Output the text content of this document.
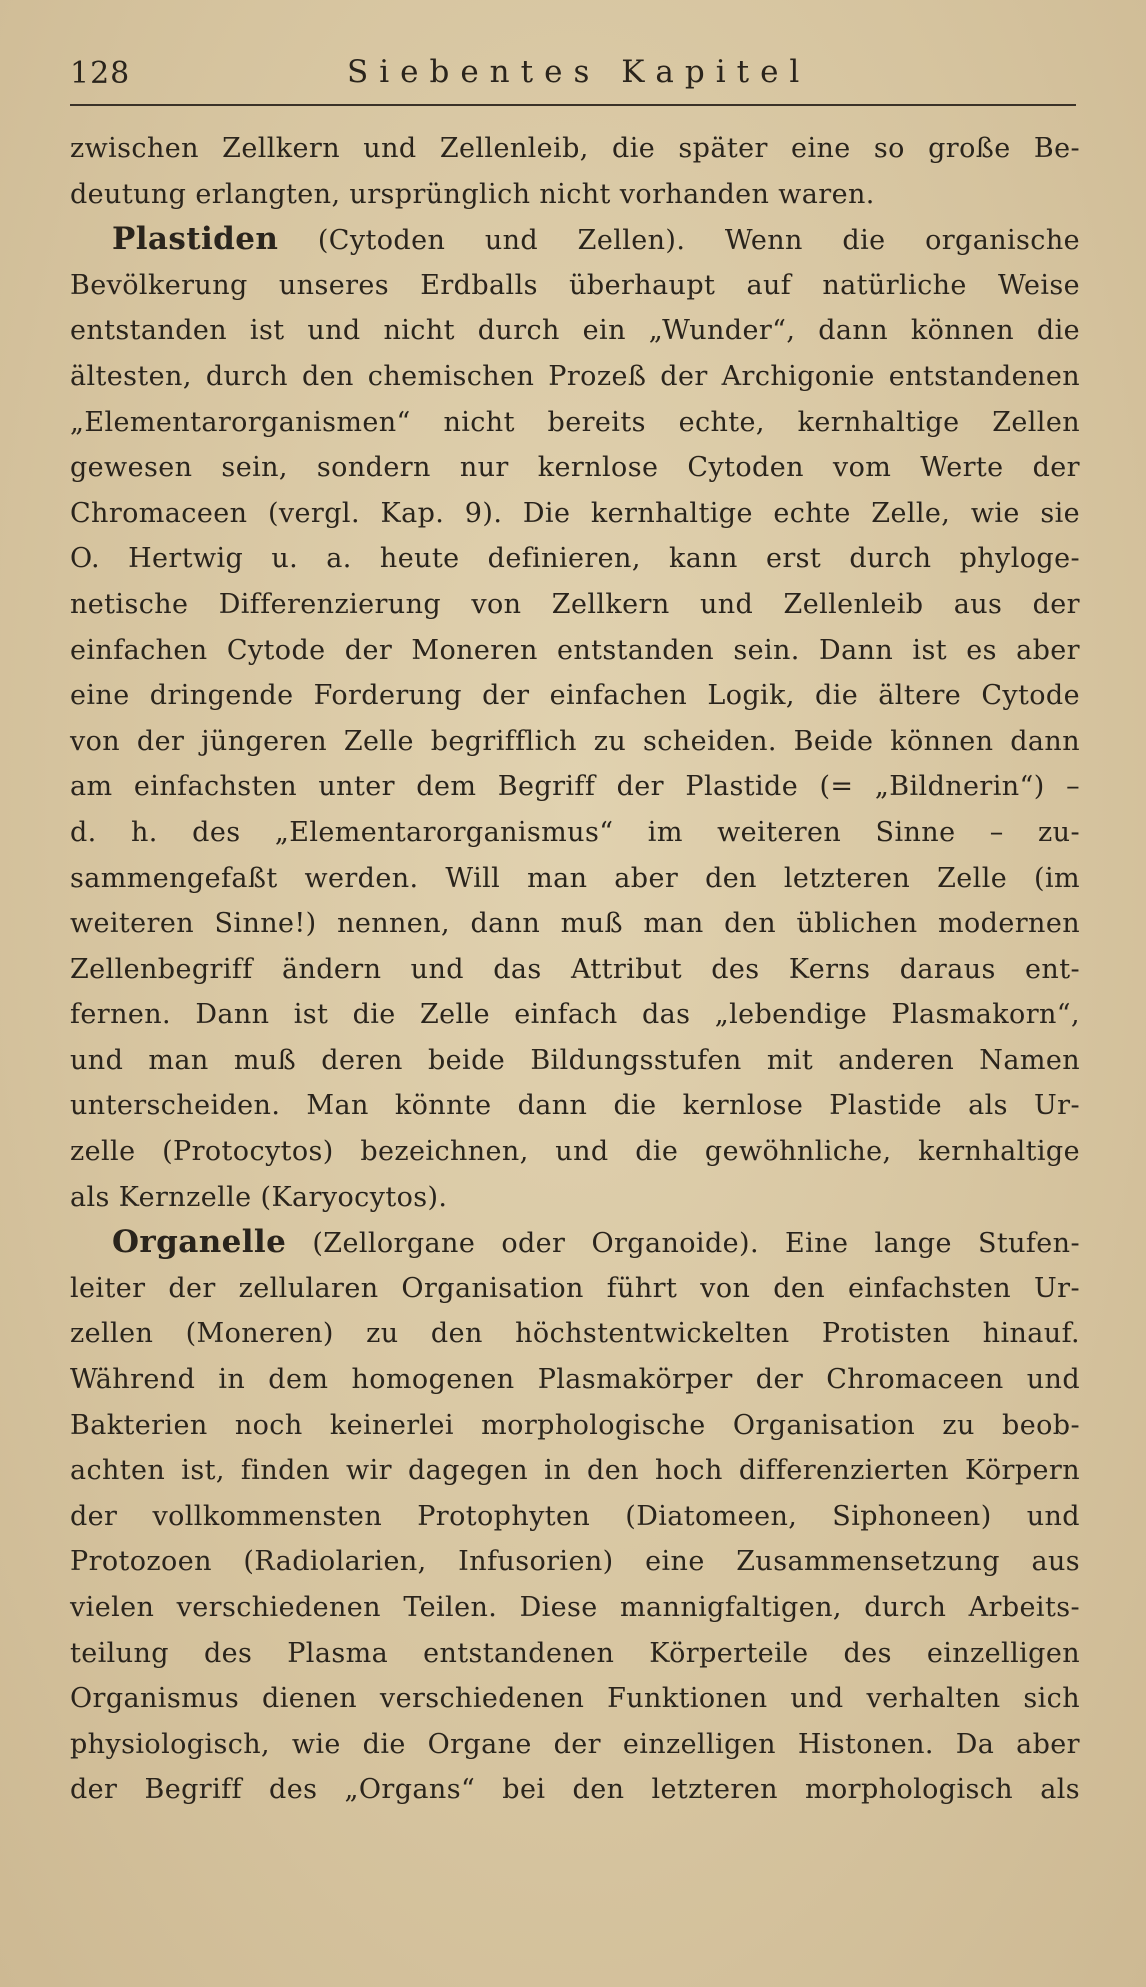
128	Siebentes Kapitel
zwischen Zellkern und Zellenleib, die später eine so große Be-
deutung erlangten, ursprünglich nicht vorhanden waren.
Plastiden (Cytoden und Zellen). Wenn die organische
Bevölkerung unseres Erdballs überhaupt auf natürliche Weise
entstanden ist und nicht durch ein „Wunder“, dann können die
ältesten, durch den chemischen Prozeß der Archigonie entstandenen
„Elementarorganismen“ nicht bereits echte, kernhaltige Zellen
gewesen sein, sondern nur kernlose Cytoden vom Werte der
Chromaceen (vergl. Kap. 9). Die kernhaltige echte Zelle, wie sie
O. Hertwig u. a. heute definieren, kann erst durch phyloge-
netische Differenzierung von Zellkern und Zellenleib aus der
einfachen Cytode der Moneren entstanden sein. Dann ist es aber
eine dringende Forderung der einfachen Logik, die ältere Cytode
von der jüngeren Zelle begrifflich zu scheiden. Beide können dann
am einfachsten unter dem Begriff der Plastide (= „Bildnerin“) –
d. h. des „Elementarorganismus“ im weiteren Sinne – zu-
sammengefaßt werden. Will man aber den letzteren Zelle (im
weiteren Sinne!) nennen, dann muß man den üblichen modernen
Zellenbegriff ändern und das Attribut des Kerns daraus ent-
fernen. Dann ist die Zelle einfach das „lebendige Plasmakorn“,
und man muß deren beide Bildungsstufen mit anderen Namen
unterscheiden. Man könnte dann die kernlose Plastide als Ur-
zelle (Protocytos) bezeichnen, und die gewöhnliche, kernhaltige
als Kernzelle (Karyocytos).
Organelle (Zellorgane oder Organoide). Eine lange Stufen-
leiter der zellularen Organisation führt von den einfachsten Ur-
zellen (Moneren) zu den höchstentwickelten Protisten hinauf.
Während in dem homogenen Plasmakörper der Chromaceen und
Bakterien noch keinerlei morphologische Organisation zu beob-
achten ist, finden wir dagegen in den hoch differenzierten Körpern
der vollkommensten Protophyten (Diatomeen, Siphoneen) und
Protozoen (Radiolarien, Infusorien) eine Zusammensetzung aus
vielen verschiedenen Teilen. Diese mannigfaltigen, durch Arbeits-
teilung des Plasma entstandenen Körperteile des einzelligen
Organismus dienen verschiedenen Funktionen und verhalten sich
physiologisch, wie die Organe der einzelligen Histonen. Da aber
der Begriff des „Organs“ bei den letzteren morphologisch als
